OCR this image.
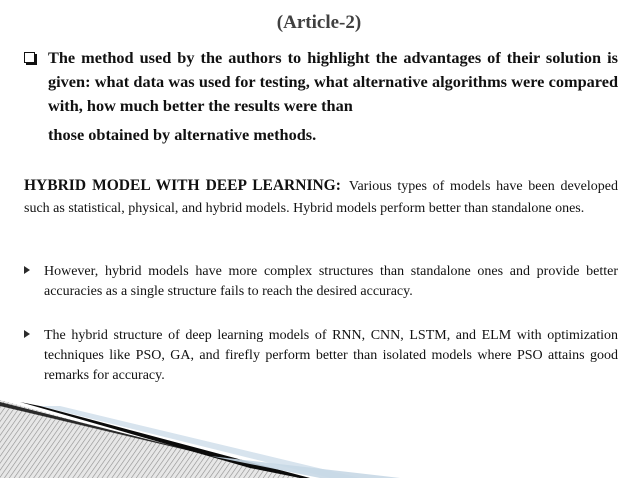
(Article-2)
The method used by the authors to highlight the advantages of their solution is given: what data was used for testing, what alternative algorithms were compared with, how much better the results were than
those obtained by alternative methods.
HYBRID MODEL WITH DEEP LEARNING: Various types of models have been developed such as statistical, physical, and hybrid models. Hybrid models perform better than standalone ones.
However, hybrid models have more complex structures than standalone ones and provide better accuracies as a single structure fails to reach the desired accuracy.
The hybrid structure of deep learning models of RNN, CNN, LSTM, and ELM with optimization techniques like PSO, GA, and firefly perform better than isolated models where PSO attains good remarks for accuracy.
